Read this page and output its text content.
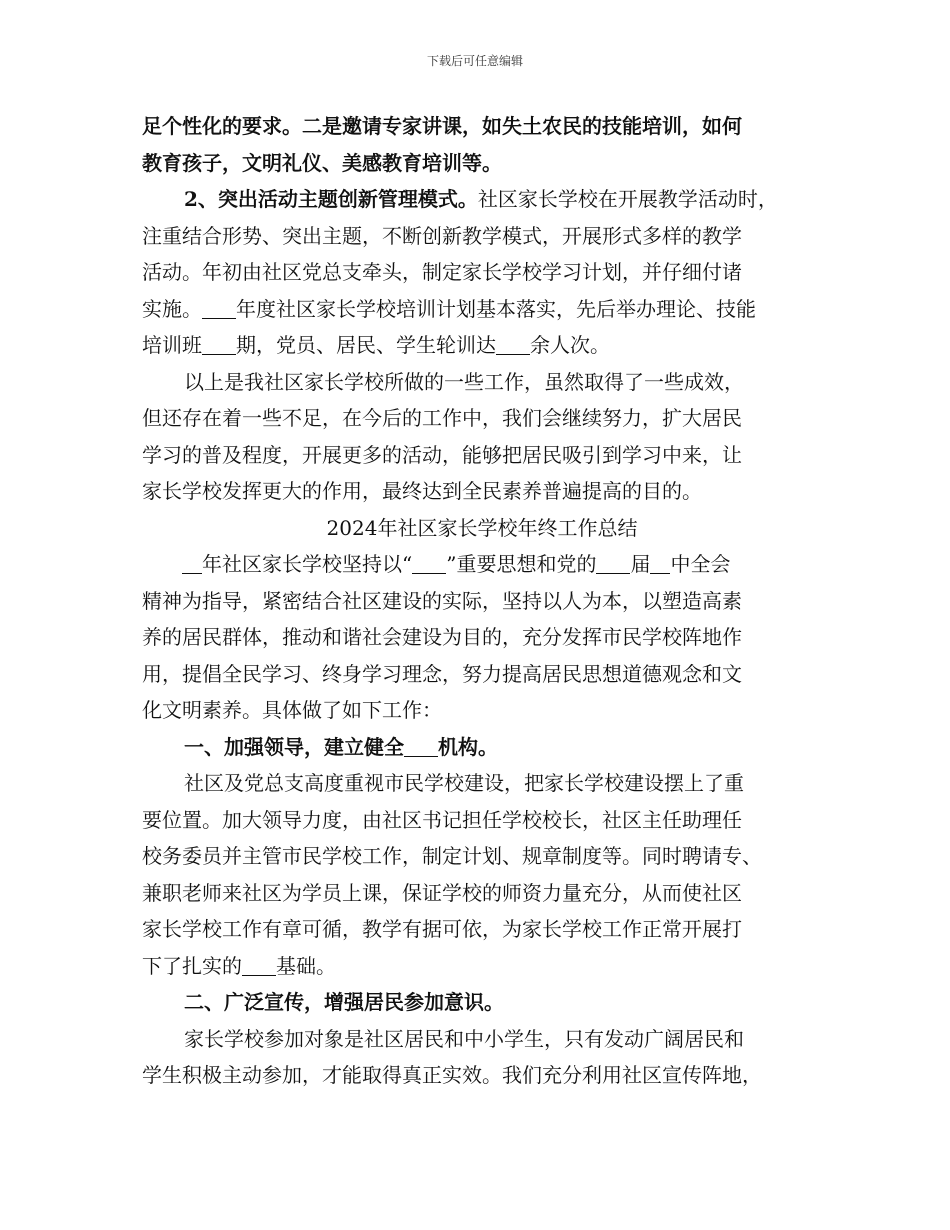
下载后可任意编辑
足个性化的要求。二是邀请专家讲课，如失土农民的技能培训，如何
教育孩子，文明礼仪、美感教育培训等。
2、突出活动主题创新管理模式。社区家长学校在开展教学活动时，
注重结合形势、突出主题，不断创新教学模式，开展形式多样的教学
活动。年初由社区党总支牵头，制定家长学校学习计划，并仔细付诸
实施。 年度社区家长学校培训计划基本落实，先后举办理论、技能
培训班 期，党员、居民、学生轮训达 余人次。
以上是我社区家长学校所做的一些工作，虽然取得了一些成效，
但还存在着一些不足，在今后的工作中，我们会继续努力，扩大居民
学习的普及程度，开展更多的活动，能够把居民吸引到学习中来，让
家长学校发挥更大的作用，最终达到全民素养普遍提高的目的。
2024年社区家长学校年终工作总结
年社区家长学校坚持以“ ”重要思想和党的 届 中全会
精神为指导，紧密结合社区建设的实际，坚持以人为本，以塑造高素
养的居民群体，推动和谐社会建设为目的，充分发挥市民学校阵地作
用，提倡全民学习、终身学习理念，努力提高居民思想道德观念和文
化文明素养。具体做了如下工作：
一、加强领导，建立健全 机构。
社区及党总支高度重视市民学校建设，把家长学校建设摆上了重
要位置。加大领导力度，由社区书记担任学校校长，社区主任助理任
校务委员并主管市民学校工作，制定计划、规章制度等。同时聘请专、
兼职老师来社区为学员上课，保证学校的师资力量充分，从而使社区
家长学校工作有章可循，教学有据可依，为家长学校工作正常开展打
下了扎实的 基础。
二、广泛宣传，增强居民参加意识。
家长学校参加对象是社区居民和中小学生，只有发动广阔居民和
学生积极主动参加，才能取得真正实效。我们充分利用社区宣传阵地，
